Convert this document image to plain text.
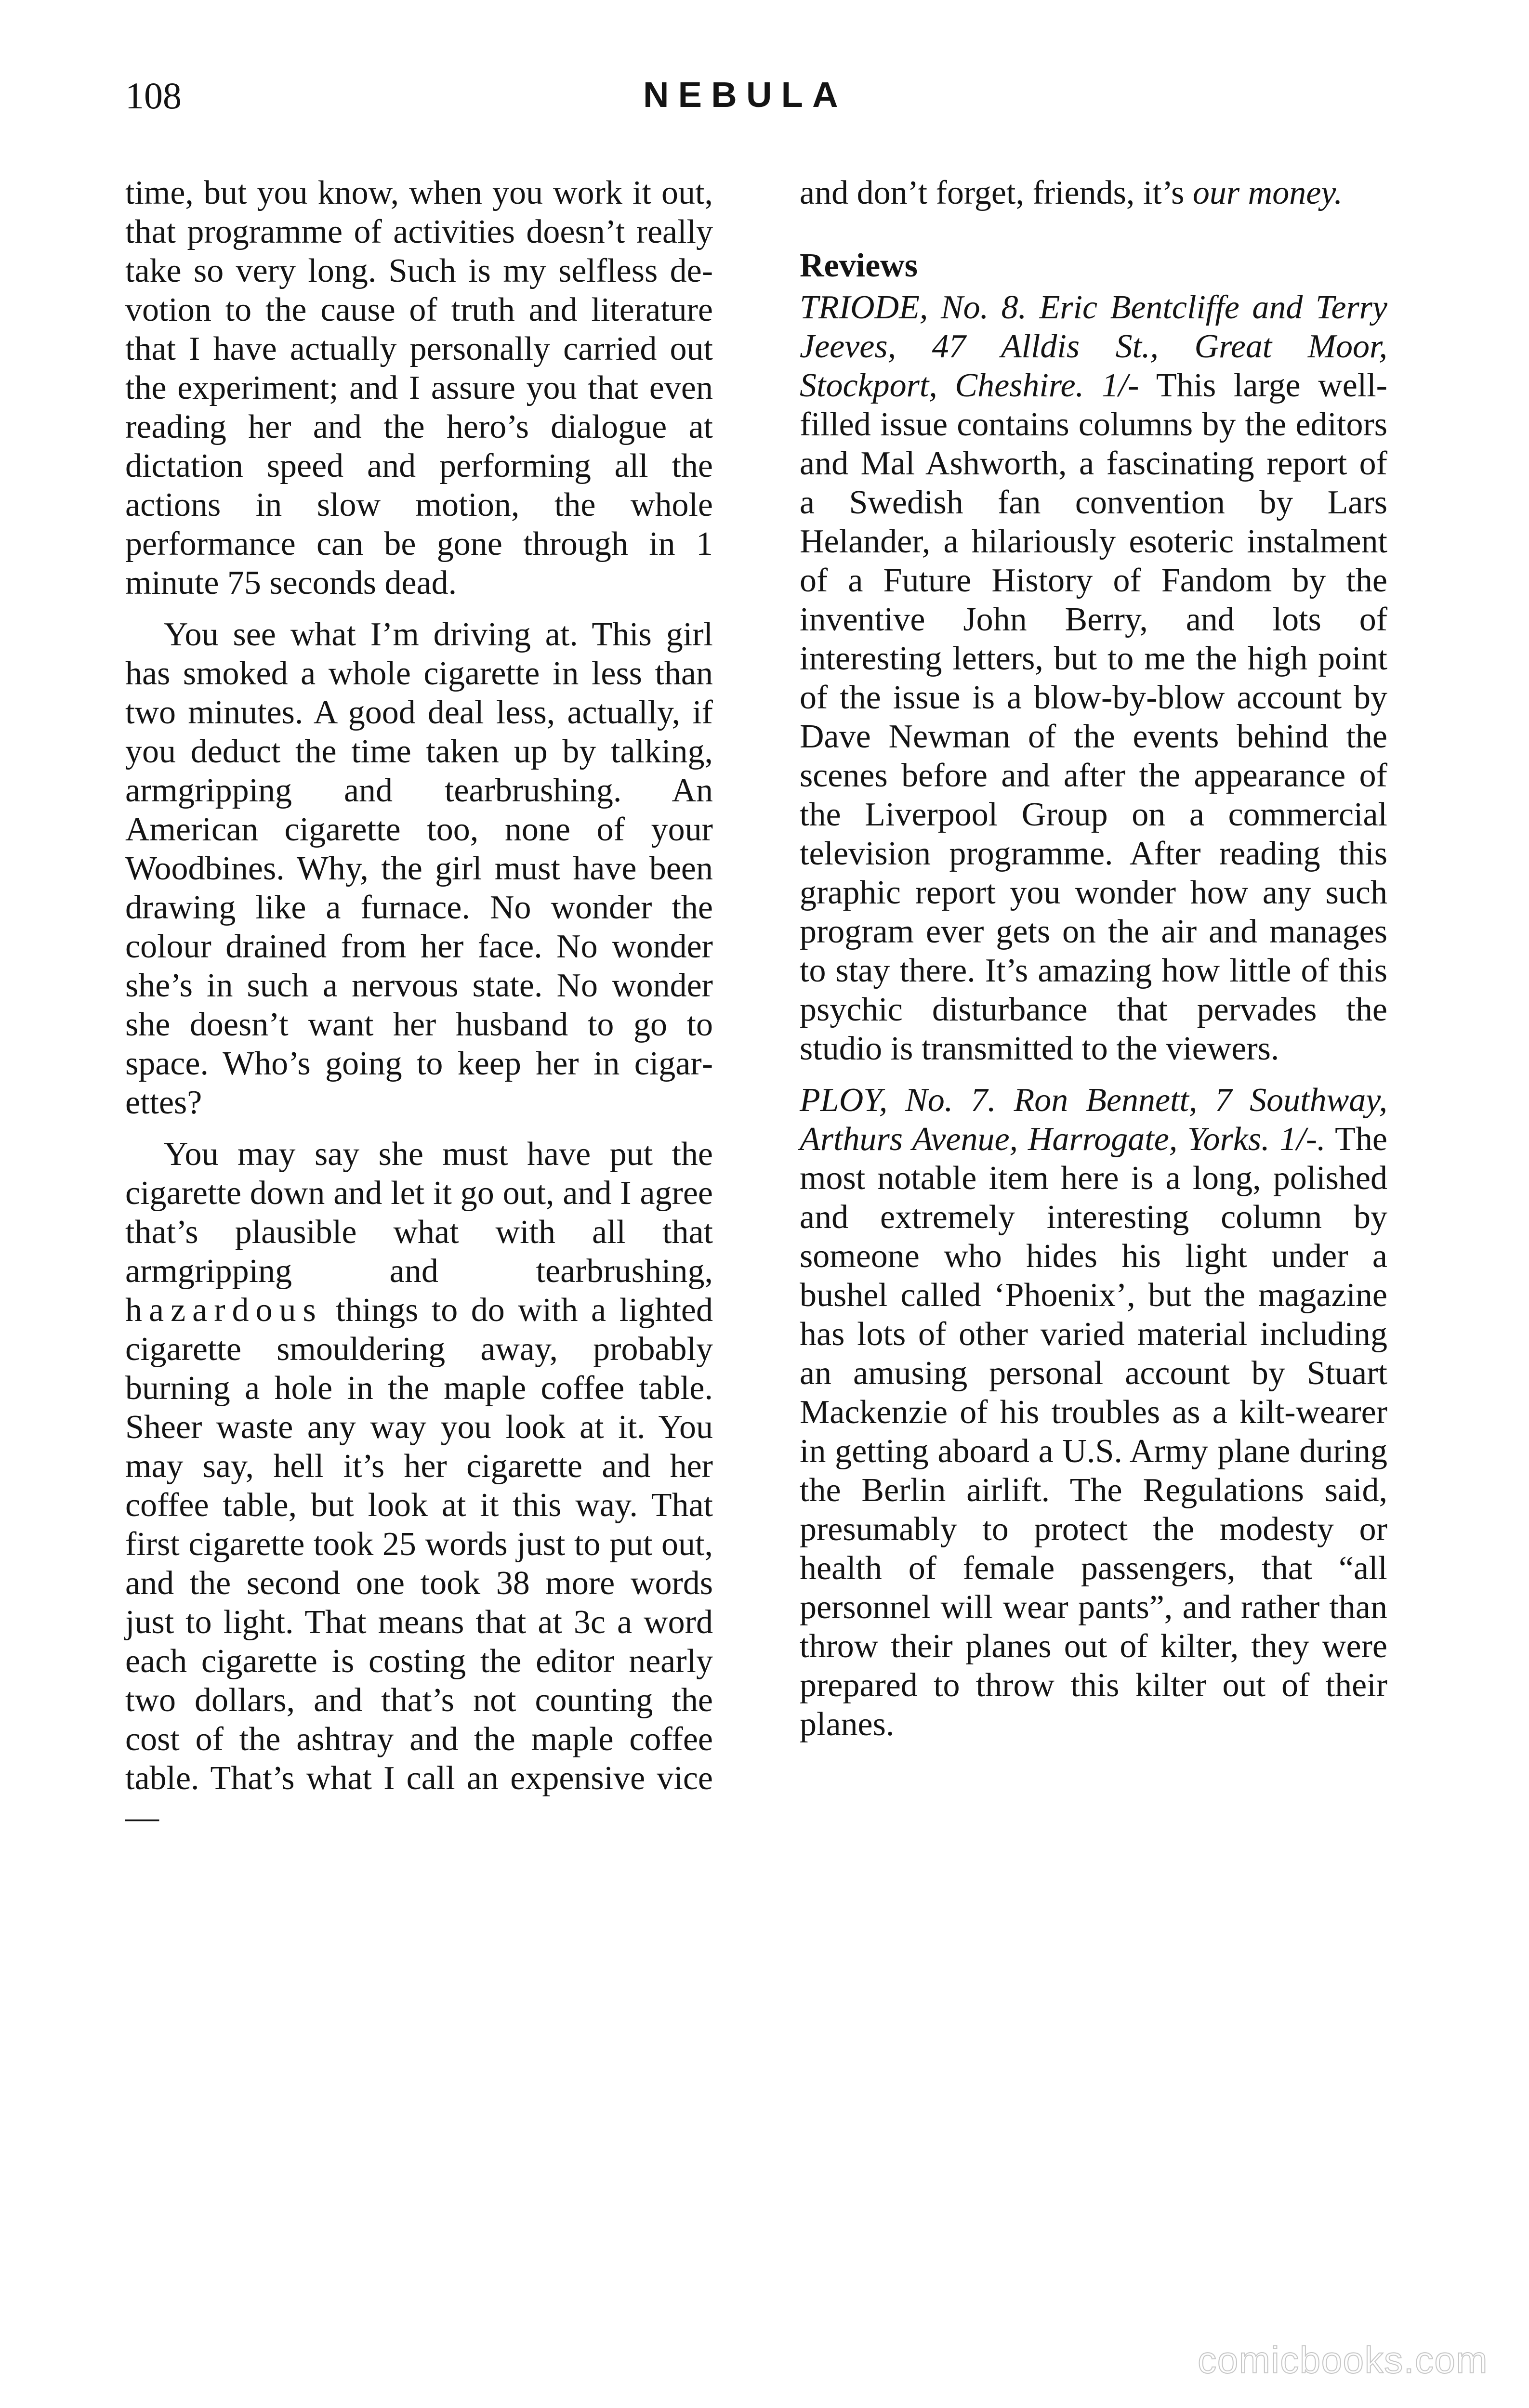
108	NEBULA

time, but you know, when you work it out, that programme of activities doesn’t really take so very long. Such is my selfless devotion to the cause of truth and literature that I have actually personally carried out the experiment; and I assure you that even reading her and the hero’s dialogue at dictation speed and performing all the actions in slow motion, the whole performance can be gone through in 1 minute 75 seconds dead.

You see what I’m driving at. This girl has smoked a whole cigarette in less than two minutes. A good deal less, actually, if you deduct the time taken up by talking, armgripping and tearbrushing. An American cigarette too, none of your Woodbines. Why, the girl must have been drawing like a furnace. No wonder the colour drained from her face. No wonder she’s in such a nervous state. No wonder she doesn’t want her husband to go to space. Who’s going to keep her in cigarettes?

You may say she must have put the cigarette down and let it go out, and I agree that’s plausible what with all that armgripping and tearbrushing, hazardous things to do with a lighted cigarette smouldering away, probably burning a hole in the maple coffee table. Sheer waste any way you look at it. You may say, hell it’s her cigarette and her coffee table, but look at it this way. That first cigarette took 25 words just to put out, and the second one took 38 more words just to light. That means that at 3c a word each cigarette is costing the editor nearly two dollars, and that’s not counting the cost of the ashtray and the maple coffee table. That’s what I call an expensive vice—

and don’t forget, friends, it’s our money.

Reviews

TRIODE, No. 8. Eric Bentcliffe and Terry Jeeves, 47 Alldis St., Great Moor, Stockport, Cheshire. 1/- This large well-filled issue contains columns by the editors and Mal Ashworth, a fascinating report of a Swedish fan convention by Lars Helander, a hilariously esoteric instalment of a Future History of Fandom by the inventive John Berry, and lots of interesting letters, but to me the high point of the issue is a blow-by-blow account by Dave Newman of the events behind the scenes before and after the appearance of the Liverpool Group on a commercial television programme. After reading this graphic report you wonder how any such program ever gets on the air and manages to stay there. It’s amazing how little of this psychic disturbance that pervades the studio is transmitted to the viewers.

PLOY, No. 7. Ron Bennett, 7 Southway, Arthurs Avenue, Harrogate, Yorks. 1/-. The most notable item here is a long, polished and extremely interesting column by someone who hides his light under a bushel called ‘Phoenix’, but the magazine has lots of other varied material including an amusing personal account by Stuart Mackenzie of his troubles as a kilt-wearer in getting aboard a U.S. Army plane during the Berlin airlift. The Regulations said, presumably to protect the modesty or health of female passengers, that “all personnel will wear pants”, and rather than throw their planes out of kilter, they were prepared to throw this kilter out of their planes.

comicbooks.com
